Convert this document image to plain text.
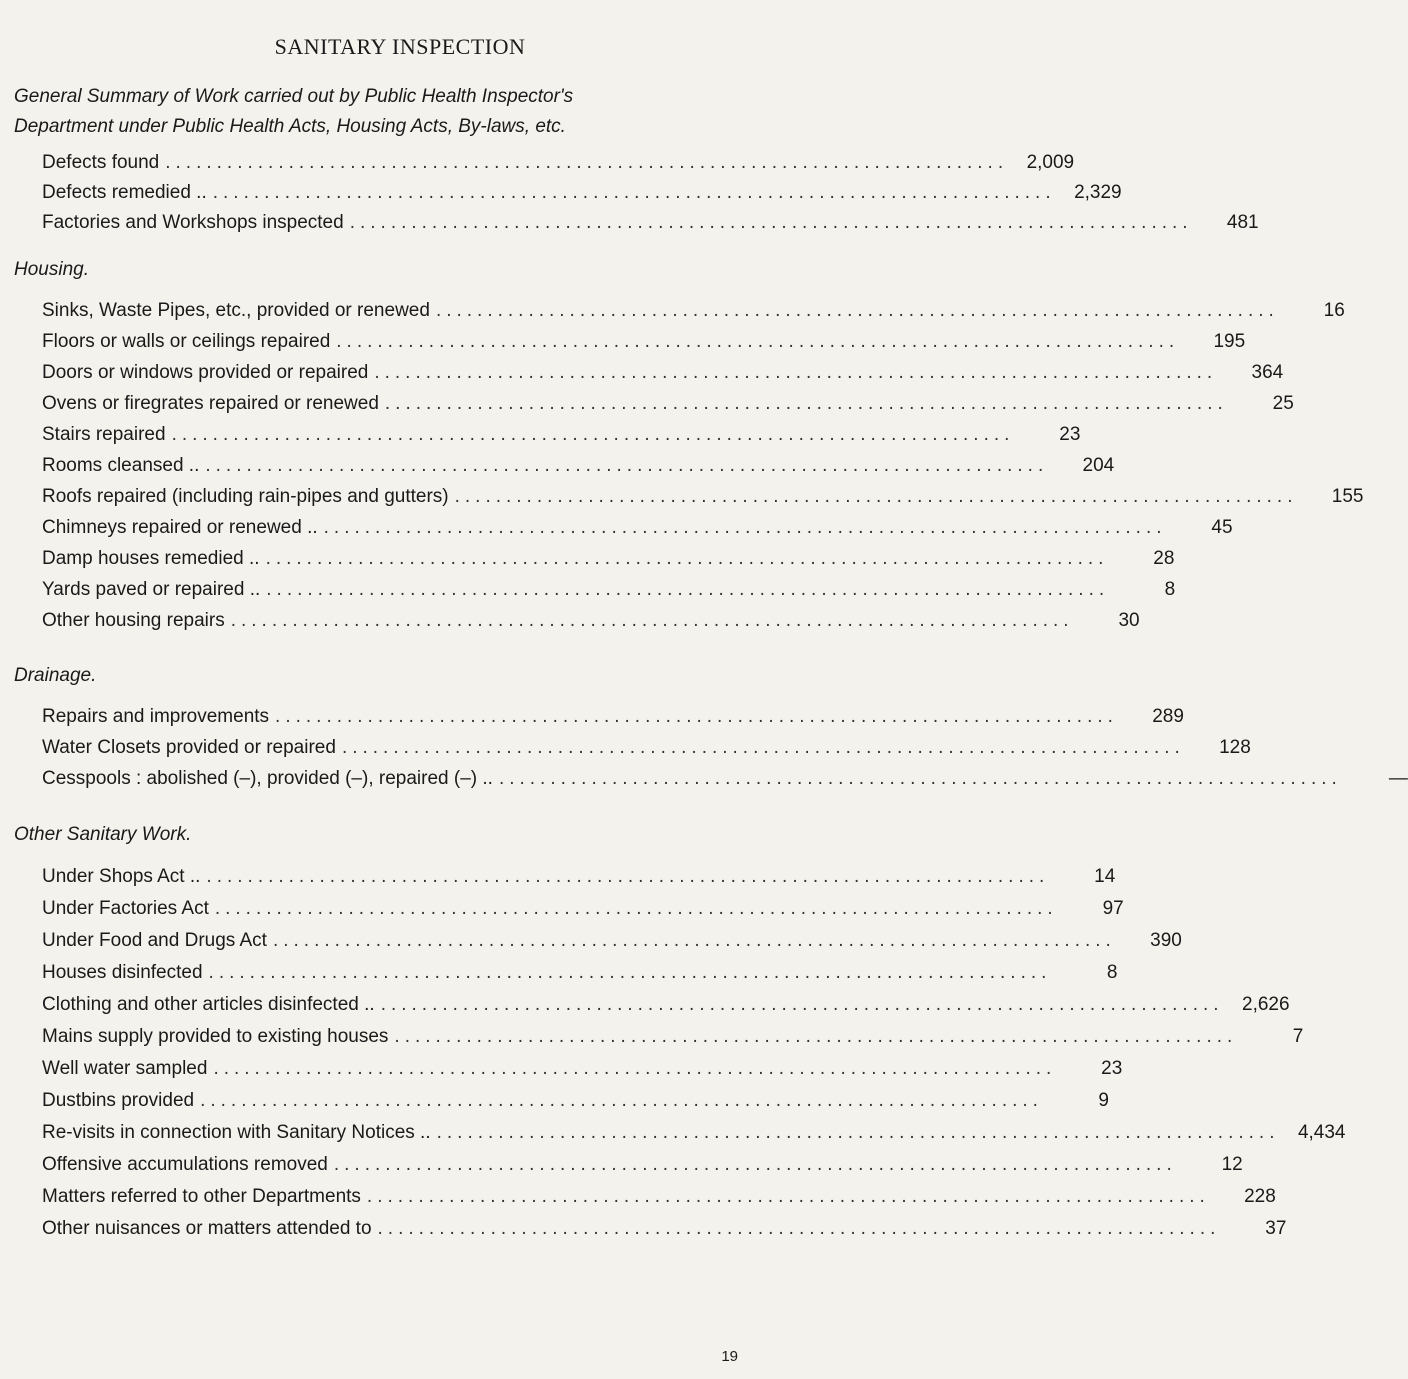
SANITARY INSPECTION
General Summary of Work carried out by Public Health Inspector's
Department under Public Health Acts, Housing Acts, By-laws, etc.
Defects found .................................................................................. 2,009
Defects remedied .. .................................................................................. 2,329
Factories and Workshops inspected ..................................................................................	481
Housing.
Sinks, Waste Pipes, etc., provided or renewed ..................................................................................	16
Floors or walls or ceilings repaired ..................................................................................	195
Doors or windows provided or repaired ..................................................................................	364
Ovens or firegrates repaired or renewed ..................................................................................	25
Stairs repaired ..................................................................................	23
Rooms cleansed .. ..................................................................................	204
Roofs repaired (including rain-pipes and gutters) ..................................................................................	155
Chimneys repaired or renewed .. ..................................................................................	45
Damp houses remedied .. ..................................................................................	28
Yards paved or repaired .. ..................................................................................	8
Other housing repairs ..................................................................................	30
Drainage.
Repairs and improvements ..................................................................................	289
Water Closets provided or repaired ..................................................................................	128
Cesspools : abolished (–), provided (–), repaired (–) .. ..................................................................................	—
Other Sanitary Work.
Under Shops Act .. ..................................................................................	14
Under Factories Act ..................................................................................	97
Under Food and Drugs Act ..................................................................................	390
Houses disinfected ..................................................................................	8
Clothing and other articles disinfected .. .................................................................................. 2,626
Mains supply provided to existing houses ..................................................................................	7
Well water sampled ..................................................................................	23
Dustbins provided ..................................................................................	9
Re-visits in connection with Sanitary Notices .. .................................................................................. 4,434
Offensive accumulations removed ..................................................................................	12
Matters referred to other Departments ..................................................................................	228
Other nuisances or matters attended to ..................................................................................	37
19
